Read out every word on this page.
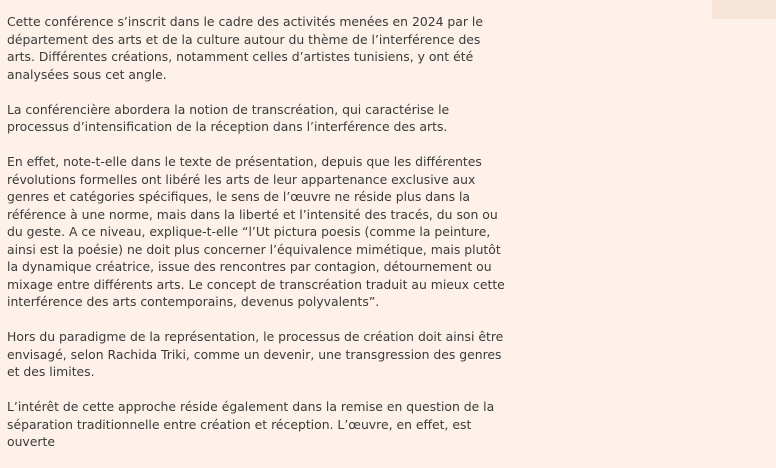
Cette conférence s’inscrit dans le cadre des activités menées en 2024 par le département des arts et de la culture autour du thème de l’interférence des arts. Différentes créations, notamment celles d’artistes tunisiens, y ont été analysées sous cet angle.

La conférencière abordera la notion de transcréation, qui caractérise le processus d’intensification de la réception dans l’interférence des arts.

En effet, note-t-elle dans le texte de présentation, depuis que les différentes révolutions formelles ont libéré les arts de leur appartenance exclusive aux genres et catégories spécifiques, le sens de l’œuvre ne réside plus dans la référence à une norme, mais dans la liberté et l’intensité des tracés, du son ou du geste. A ce niveau, explique-t-elle “l’Ut pictura poesis (comme la peinture, ainsi est la poésie) ne doit plus concerner l’équivalence mimétique, mais plutôt la dynamique créatrice, issue des rencontres par contagion, détournement ou mixage entre différents arts. Le concept de transcréation traduit au mieux cette interférence des arts contemporains, devenus polyvalents”.

Hors du paradigme de la représentation, le processus de création doit ainsi être envisagé, selon Rachida Triki, comme un devenir, une transgression des genres et des limites.

L’intérêt de cette approche réside également dans la remise en question de la séparation traditionnelle entre création et réception. L’œuvre, en effet, est ouverte
